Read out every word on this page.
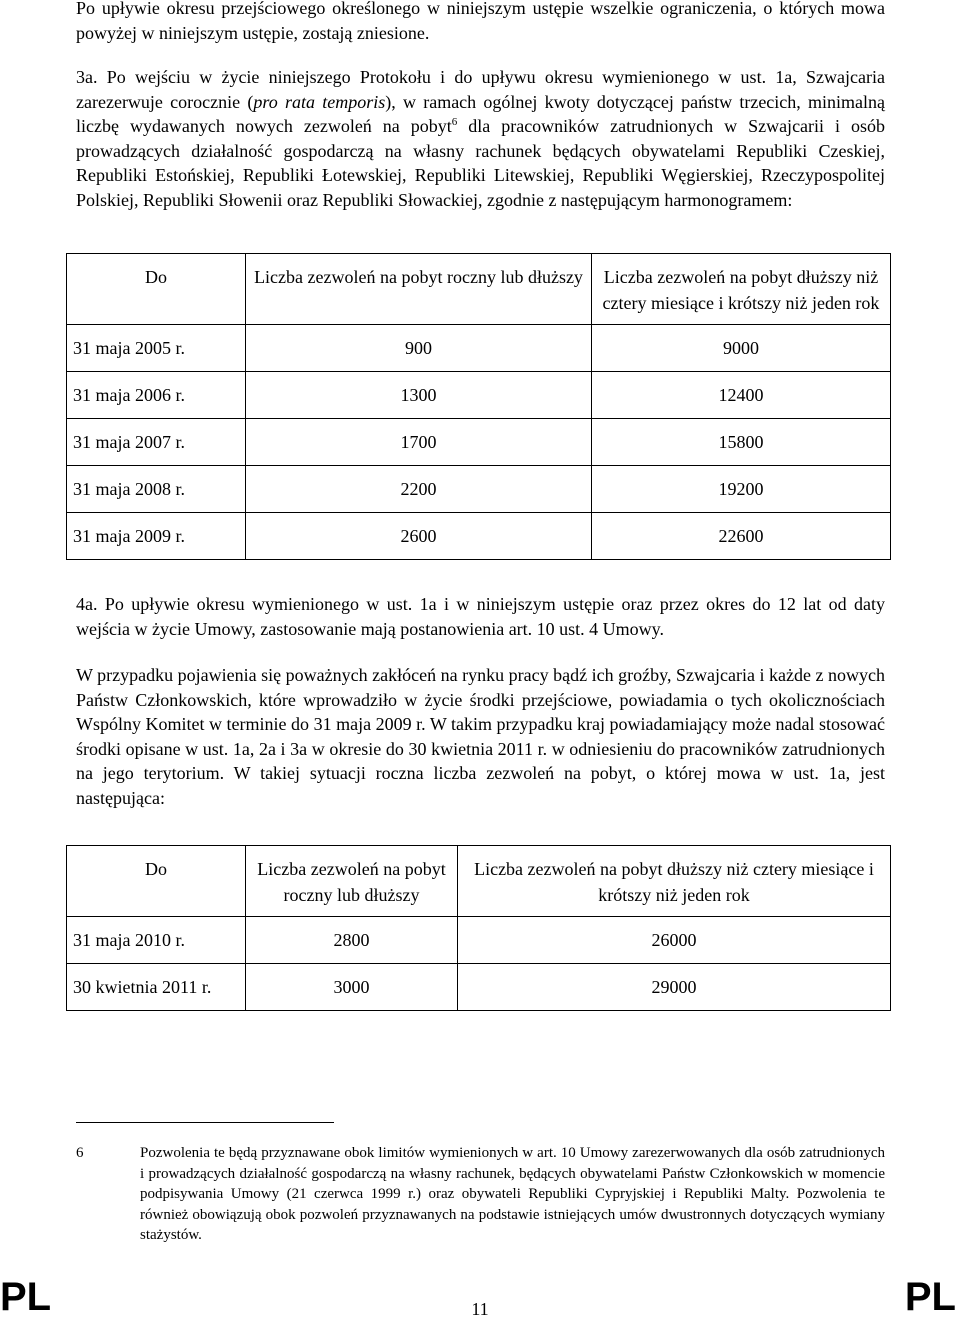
Po upływie okresu przejściowego określonego w niniejszym ustępie wszelkie ograniczenia, o których mowa powyżej w niniejszym ustępie, zostają zniesione.

3a. Po wejściu w życie niniejszego Protokołu i do upływu okresu wymienionego w ust. 1a, Szwajcaria zarezerwuje corocznie (pro rata temporis), w ramach ogólnej kwoty dotyczącej państw trzecich, minimalną liczbę wydawanych nowych zezwoleń na pobyt$^6$ dla pracowników zatrudnionych w Szwajcarii i osób prowadzących działalność gospodarczą na własny rachunek będących obywatelami Republiki Czeskiej, Republiki Estońskiej, Republiki Łotewskiej, Republiki Litewskiej, Republiki Węgierskiej, Rzeczypospolitej Polskiej, Republiki Słowenii oraz Republiki Słowackiej, zgodnie z następującym harmonogramem:

Do	Liczba zezwoleń na pobyt roczny lub dłuższy	Liczba zezwoleń na pobyt dłuższy niż cztery miesiące i krótszy niż jeden rok
31 maja 2005 r.	900	9000
31 maja 2006 r.	1300	12400
31 maja 2007 r.	1700	15800
31 maja 2008 r.	2200	19200
31 maja 2009 r.	2600	22600

4a. Po upływie okresu wymienionego w ust. 1a i w niniejszym ustępie oraz przez okres do 12 lat od daty wejścia w życie Umowy, zastosowanie mają postanowienia art. 10 ust. 4 Umowy.

W przypadku pojawienia się poważnych zakłóceń na rynku pracy bądź ich groźby, Szwajcaria i każde z nowych Państw Członkowskich, które wprowadziło w życie środki przejściowe, powiadamia o tych okolicznościach Wspólny Komitet w terminie do 31 maja 2009 r. W takim przypadku kraj powiadamiający może nadal stosować środki opisane w ust. 1a, 2a i 3a w okresie do 30 kwietnia 2011 r. w odniesieniu do pracowników zatrudnionych na jego terytorium. W takiej sytuacji roczna liczba zezwoleń na pobyt, o której mowa w ust. 1a, jest następująca:

Do	Liczba zezwoleń na pobyt roczny lub dłuższy	Liczba zezwoleń na pobyt dłuższy niż cztery miesiące i krótszy niż jeden rok
31 maja 2010 r.	2800	26000
30 kwietnia 2011 r.	3000	29000
6	Pozwolenia te będą przyznawane obok limitów wymienionych w art. 10 Umowy zarezerwowanych dla osób zatrudnionych i prowadzących działalność gospodarczą na własny rachunek, będących obywatelami Państw Członkowskich w momencie podpisywania Umowy (21 czerwca 1999 r.) oraz obywateli Republiki Cypryjskiej i Republiki Malty. Pozwolenia te również obowiązują obok pozwoleń przyznawanych na podstawie istniejących umów dwustronnych dotyczących wymiany stażystów.

PL	11	PL
